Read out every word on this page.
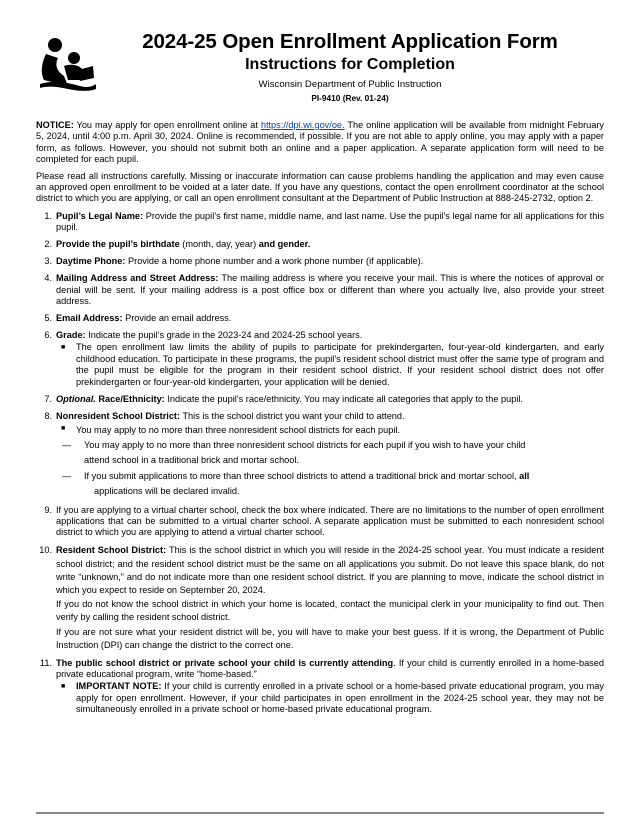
2024-25 Open Enrollment Application Form
Instructions for Completion
Wisconsin Department of Public Instruction
PI-9410 (Rev. 01-24)

NOTICE: You may apply for open enrollment online at https://dpi.wi.gov/oe. The online application will be available from midnight February 5, 2024, until 4:00 p.m. April 30, 2024. Online is recommended, if possible. If you are not able to apply online, you may apply with a paper form, as follows. However, you should not submit both an online and a paper application. A separate application form will need to be completed for each pupil.

Please read all instructions carefully. Missing or inaccurate information can cause problems handling the application and may even cause an approved open enrollment to be voided at a later date. If you have any questions, contact the open enrollment coordinator at the school district to which you are applying, or call an open enrollment consultant at the Department of Public Instruction at 888-245-2732, option 2.

1. Pupil’s Legal Name: Provide the pupil’s first name, middle name, and last name. Use the pupil’s legal name for all applications for this pupil.

2. Provide the pupil’s birthdate (month, day, year) and gender.

3. Daytime Phone: Provide a home phone number and a work phone number (if applicable).

4. Mailing Address and Street Address: The mailing address is where you receive your mail. This is where the notices of approval or denial will be sent. If your mailing address is a post office box or different than where you actually live, also provide your street address.

5. Email Address: Provide an email address.

6. Grade: Indicate the pupil’s grade in the 2023-24 and 2024-25 school years.

■ The open enrollment law limits the ability of pupils to participate for prekindergarten, four-year-old kindergarten, and early childhood education. To participate in these programs, the pupil’s resident school district must offer the same type of program and the pupil must be eligible for the program in their resident school district. If your resident school district does not offer prekindergarten or four-year-old kindergarten, your application will be denied.

7. Optional. Race/Ethnicity: Indicate the pupil’s race/ethnicity. You may indicate all categories that apply to the pupil.

8. Nonresident School District: This is the school district you want your child to attend.

■ You may apply to no more than three nonresident school districts for each pupil.

— You may apply to no more than three nonresident school districts for each pupil if you wish to have your child
attend school in a traditional brick and mortar school.
— If you submit applications to more than three school districts to attend a traditional brick and mortar school, all
applications will be declared invalid.
9. If you are applying to a virtual charter school, check the box where indicated. There are no limitations to the number of open enrollment applications that can be submitted to a virtual charter school. A separate application must be submitted to each nonresident school district to which you are applying to attend a virtual charter school.

10. Resident School District: This is the school district in which you will reside in the 2024-25 school year. You must indicate a resident school district; and the resident school district must be the same on all applications you submit. Do not leave this space blank, do not write “unknown,” and do not indicate more than one resident school district. If you are planning to move, indicate the school district in which you expect to reside on September 20, 2024.

If you do not know the school district in which your home is located, contact the municipal clerk in your municipality to find out. Then verify by calling the resident school district.

If you are not sure what your resident district will be, you will have to make your best guess. If it is wrong, the Department of Public Instruction (DPI) can change the district to the correct one.

11. The public school district or private school your child is currently attending. If your child is currently enrolled in a home-based private educational program, write “home-based.”

■ IMPORTANT NOTE: If your child is currently enrolled in a private school or a home-based private educational program, you may apply for open enrollment. However, if your child participates in open enrollment in the 2024-25 school year, they may not be simultaneously enrolled in a private school or home-based private educational program.
